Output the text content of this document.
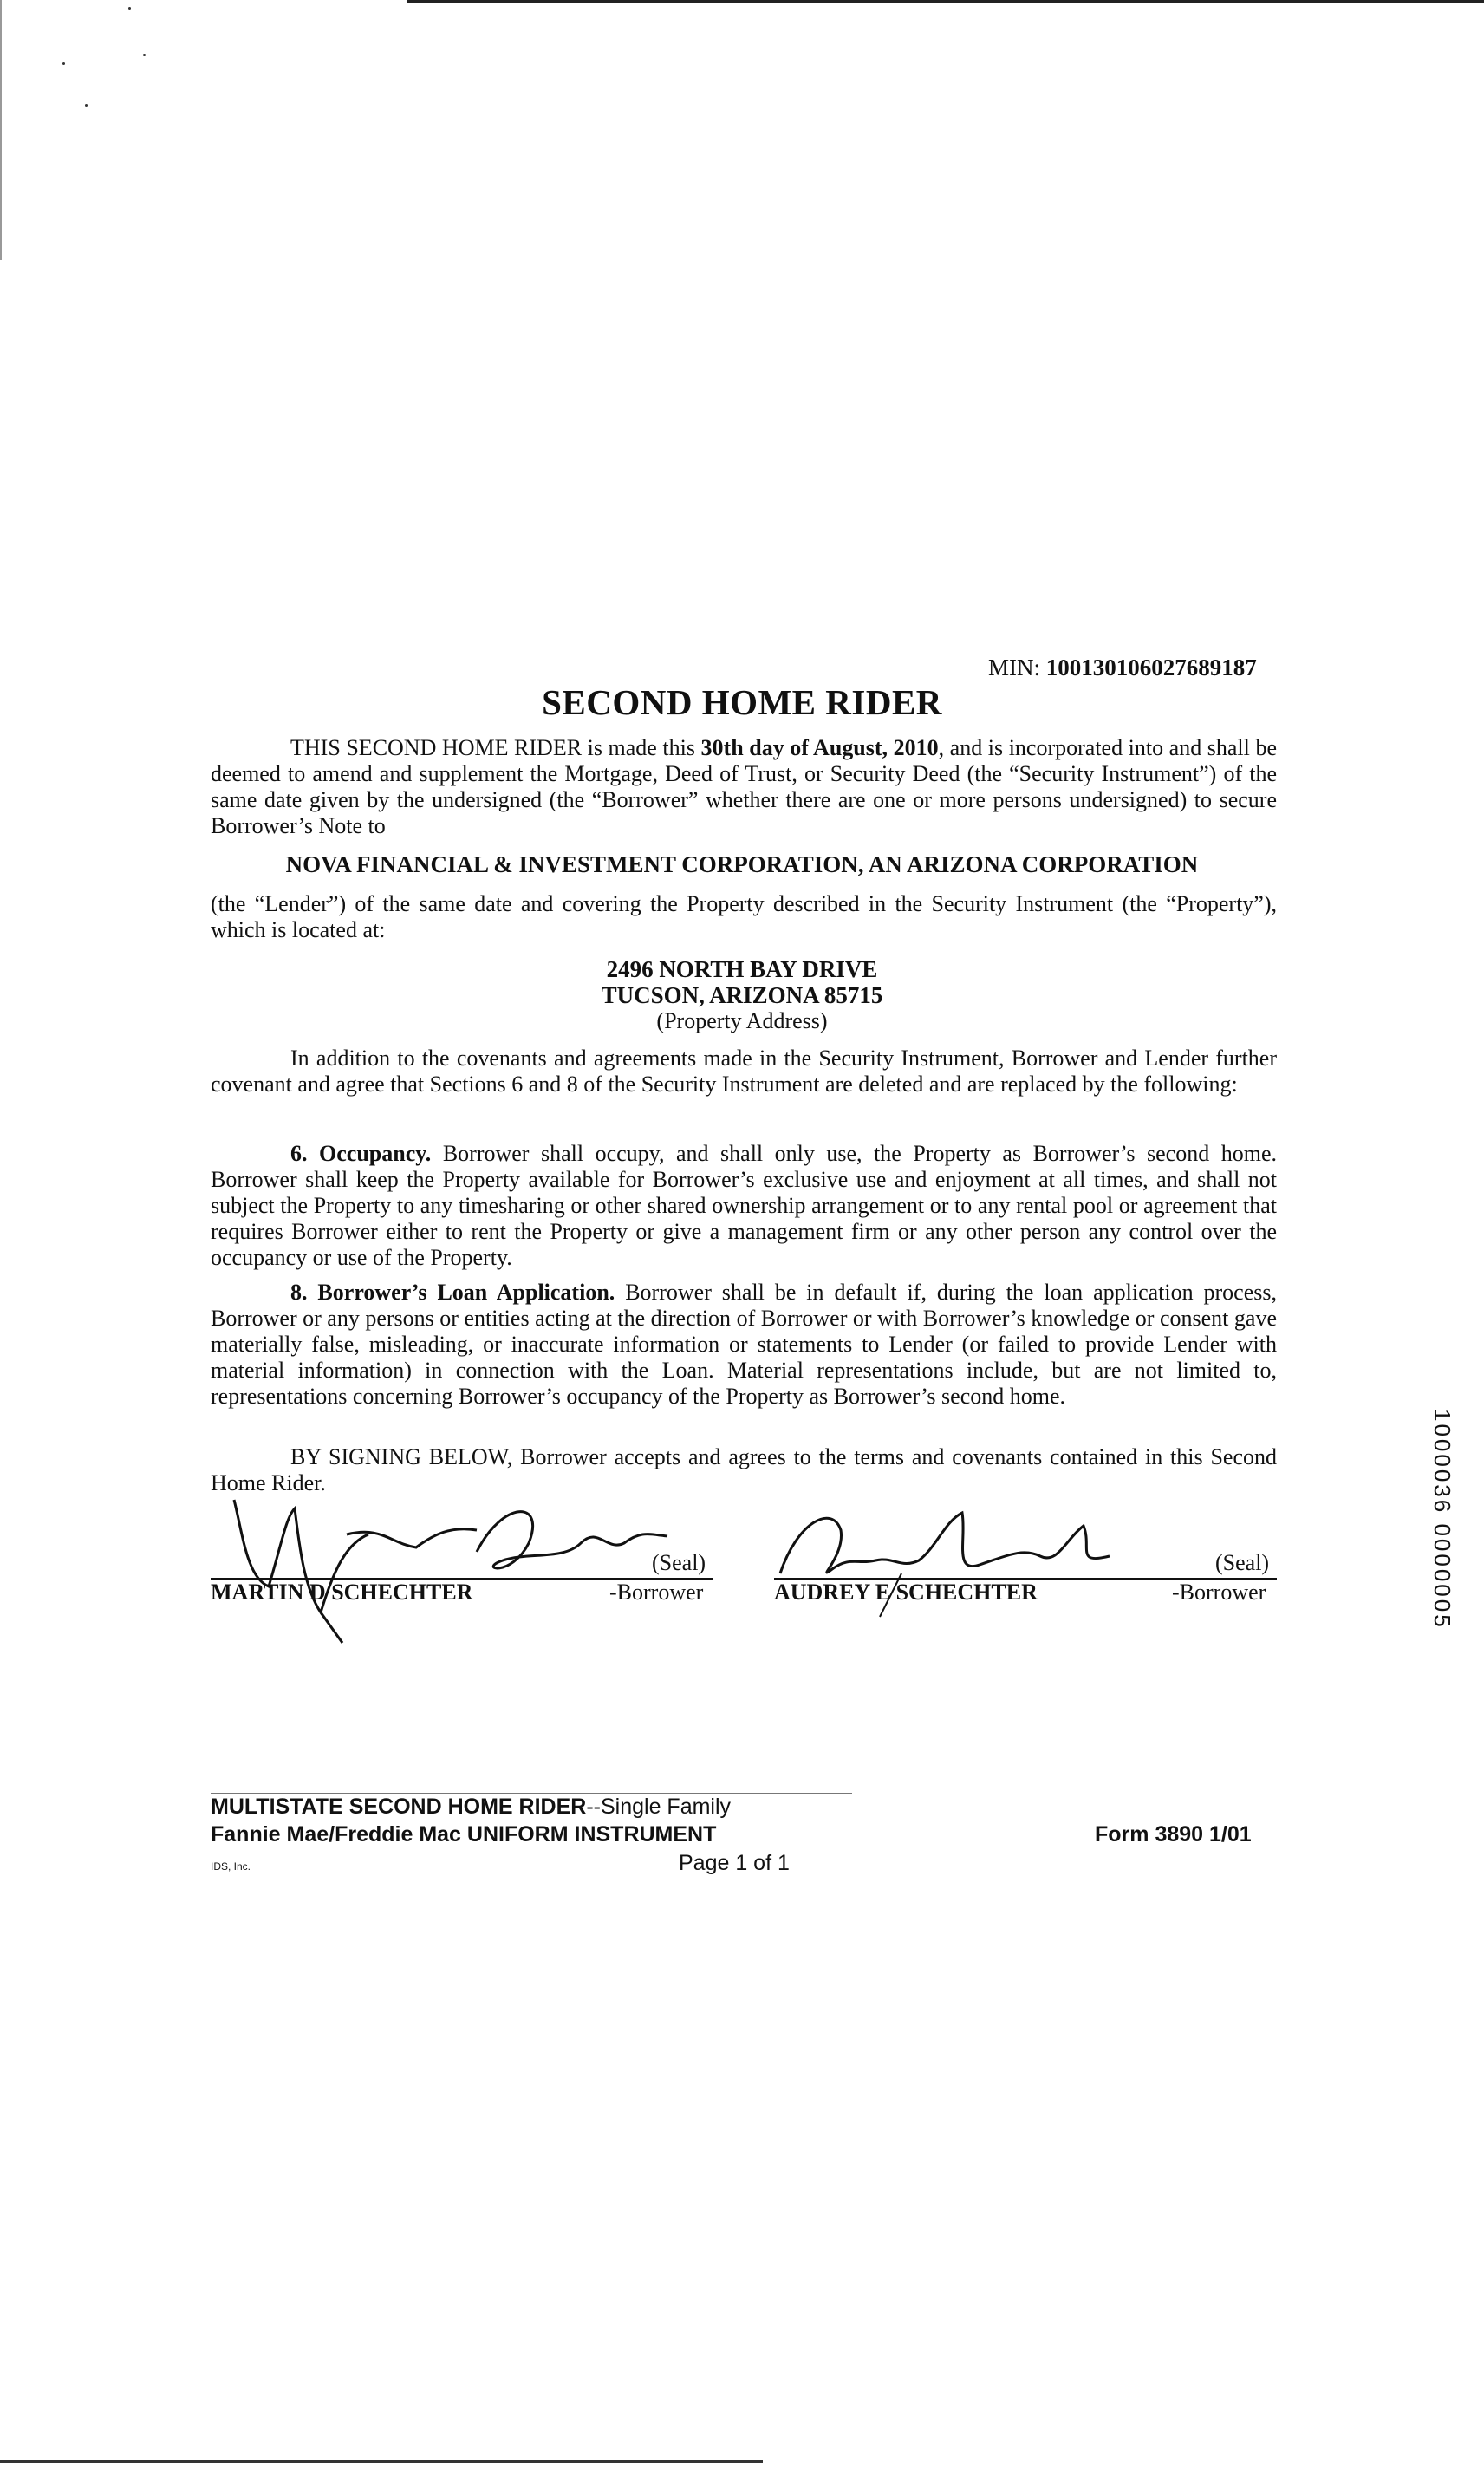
MIN: 100130106027689187
SECOND HOME RIDER
THIS SECOND HOME RIDER is made this 30th day of August, 2010, and is incorporated into and shall be deemed to amend and supplement the Mortgage, Deed of Trust, or Security Deed (the “Security Instrument”) of the same date given by the undersigned (the “Borrower” whether there are one or more persons undersigned) to secure Borrower’s Note to
NOVA FINANCIAL & INVESTMENT CORPORATION, AN ARIZONA CORPORATION
(the “Lender”) of the same date and covering the Property described in the Security Instrument (the “Property”), which is located at:
2496 NORTH BAY DRIVE
TUCSON, ARIZONA 85715
(Property Address)
In addition to the covenants and agreements made in the Security Instrument, Borrower and Lender further covenant and agree that Sections 6 and 8 of the Security Instrument are deleted and are replaced by the following:
6. Occupancy. Borrower shall occupy, and shall only use, the Property as Borrower’s second home. Borrower shall keep the Property available for Borrower’s exclusive use and enjoyment at all times, and shall not subject the Property to any timesharing or other shared ownership arrangement or to any rental pool or agreement that requires Borrower either to rent the Property or give a management firm or any other person any control over the occupancy or use of the Property.
8. Borrower’s Loan Application. Borrower shall be in default if, during the loan application process, Borrower or any persons or entities acting at the direction of Borrower or with Borrower’s knowledge or consent gave materially false, misleading, or inaccurate information or statements to Lender (or failed to provide Lender with material information) in connection with the Loan. Material representations include, but are not limited to, representations concerning Borrower’s occupancy of the Property as Borrower’s second home.
BY SIGNING BELOW, Borrower accepts and agrees to the terms and covenants contained in this Second Home Rider.
(Seal)
MARTIN D SCHECHTER	-Borrower
(Seal)
AUDREY E SCHECHTER	-Borrower
MULTISTATE SECOND HOME RIDER--Single Family
Fannie Mae/Freddie Mac UNIFORM INSTRUMENT	Form 3890 1/01
IDS, Inc.	Page 1 of 1
1000036 0000005
